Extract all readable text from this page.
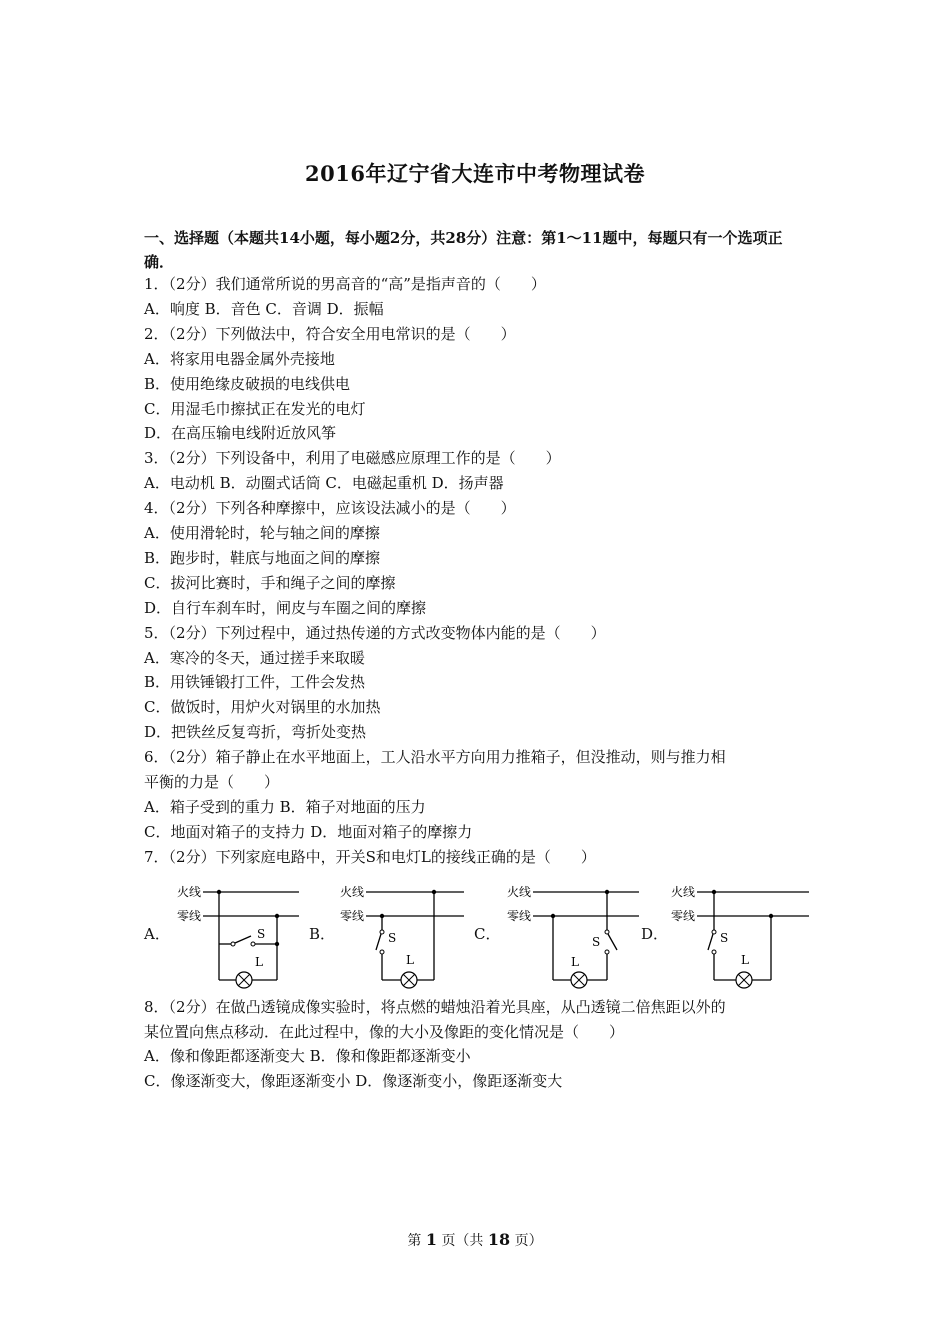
2016年辽宁省大连市中考物理试卷
一、选择题（本题共14小题，每小题2分，共28分）注意：第1～11题中，每题只有一个选项正确．
1．（2分）我们通常所说的男高音的“高”是指声音的（　　）
A．响度 B．音色 C．音调 D．振幅
2．（2分）下列做法中，符合安全用电常识的是（　　）
A．将家用电器金属外壳接地
B．使用绝缘皮破损的电线供电
C．用湿毛巾擦拭正在发光的电灯
D．在高压输电线附近放风筝
3．（2分）下列设备中，利用了电磁感应原理工作的是（　　）
A．电动机 B．动圈式话筒 C．电磁起重机 D．扬声器
4．（2分）下列各种摩擦中，应该设法减小的是（　　）
A．使用滑轮时，轮与轴之间的摩擦
B．跑步时，鞋底与地面之间的摩擦
C．拔河比赛时，手和绳子之间的摩擦
D．自行车刹车时，闸皮与车圈之间的摩擦
5．（2分）下列过程中，通过热传递的方式改变物体内能的是（　　）
A．寒冷的冬天，通过搓手来取暖
B．用铁锤锻打工件，工件会发热
C．做饭时，用炉火对锅里的水加热
D．把铁丝反复弯折，弯折处变热
6．（2分）箱子静止在水平地面上，工人沿水平方向用力推箱子，但没推动，则与推力相
平衡的力是（　　）
A．箱子受到的重力 B．箱子对地面的压力
C．地面对箱子的支持力 D．地面对箱子的摩擦力
7．（2分）下列家庭电路中，开关S和电灯L的接线正确的是（　　）
A．
火线
零线
L
S	B．
火线
零线
S
L
C．
火线
零线
L
S	D．
火线
零线
S
L
8．（2分）在做凸透镜成像实验时，将点燃的蜡烛沿着光具座，从凸透镜二倍焦距以外的
某位置向焦点移动．在此过程中，像的大小及像距的变化情况是（　　）
A．像和像距都逐渐变大 B．像和像距都逐渐变小
C．像逐渐变大，像距逐渐变小 D．像逐渐变小，像距逐渐变大
第 1 页（共 18 页）
